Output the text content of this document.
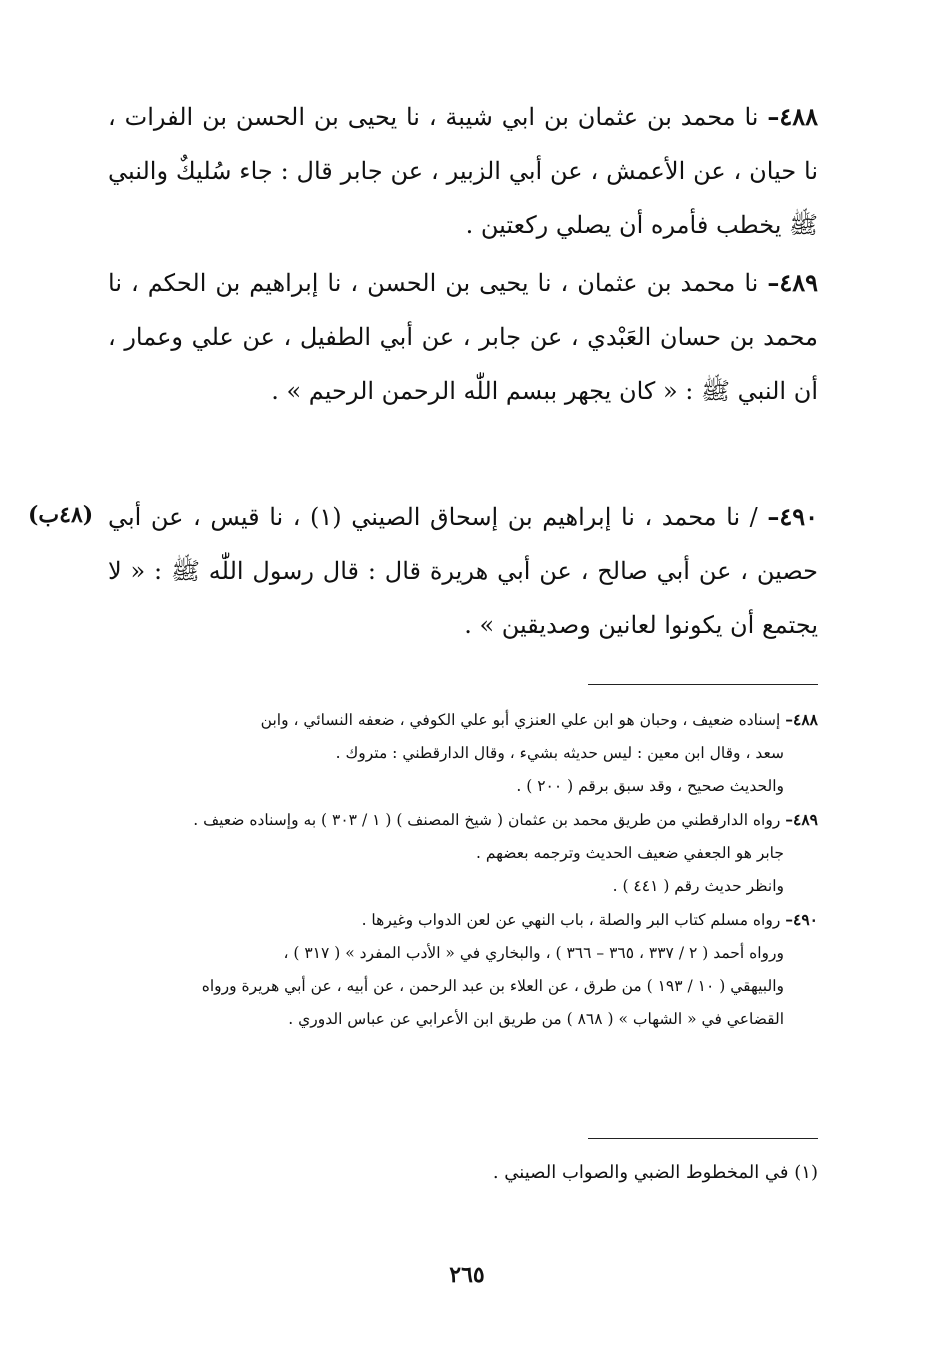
٤٨٨– نا محمد بن عثمان بن ابي شيبة ، نا يحيى بن الحسن بن الفرات ، نا حيان ، عن الأعمش ، عن أبي الزبير ، عن جابر قال : جاء سُليكٌ والنبي ﷺ يخطب فأمره أن يصلي ركعتين .
٤٨٩– نا محمد بن عثمان ، نا يحيى بن الحسن ، نا إبراهيم بن الحكم ، نا محمد بن حسان العَبْدي ، عن جابر ، عن أبي الطفيل ، عن علي وعمار ، أن النبي ﷺ : « كان يجهر ببسم اللّٰه الرحمن الرحيم » .
(٤٨ب)	٤٩٠– / نا محمد ، نا إبراهيم بن إسحاق الصيني (١) ، نا قيس ، عن أبي حصين ، عن أبي صالح ، عن أبي هريرة قال : قال رسول اللّٰه ﷺ : « لا يجتمع أن يكونوا لعانين وصديقين » .

٤٨٨– إسناده ضعيف ، وحبان هو ابن علي العنزي أبو علي الكوفي ، ضعفه النسائي ، وابن

سعد ، وقال ابن معين : ليس حديثه بشيء ، وقال الدارقطني : متروك .

والحديث صحيح ، وقد سبق برقم ( ٢٠٠ ) .

٤٨٩– رواه الدارقطني من طريق محمد بن عثمان ( شيخ المصنف ) ( ١ / ٣٠٣ ) به وإسناده ضعيف .

جابر هو الجعفي ضعيف الحديث وترجمه بعضهم .

وانظر حديث رقم ( ٤٤١ ) .

٤٩٠– رواه مسلم كتاب البر والصلة ، باب النهي عن لعن الدواب وغيرها .

ورواه أحمد ( ٢ / ٣٣٧ ، ٣٦٥ – ٣٦٦ ) ، والبخاري في « الأدب المفرد » ( ٣١٧ ) ،

والبيهقي ( ١٠ / ١٩٣ ) من طرق ، عن العلاء بن عبد الرحمن ، عن أبيه ، عن أبي هريرة ورواه

القضاعي في « الشهاب » ( ٨٦٨ ) من طريق ابن الأعرابي عن عباس الدوري .

(١) في المخطوط الضبي والصواب الصيني .
٢٦٥
